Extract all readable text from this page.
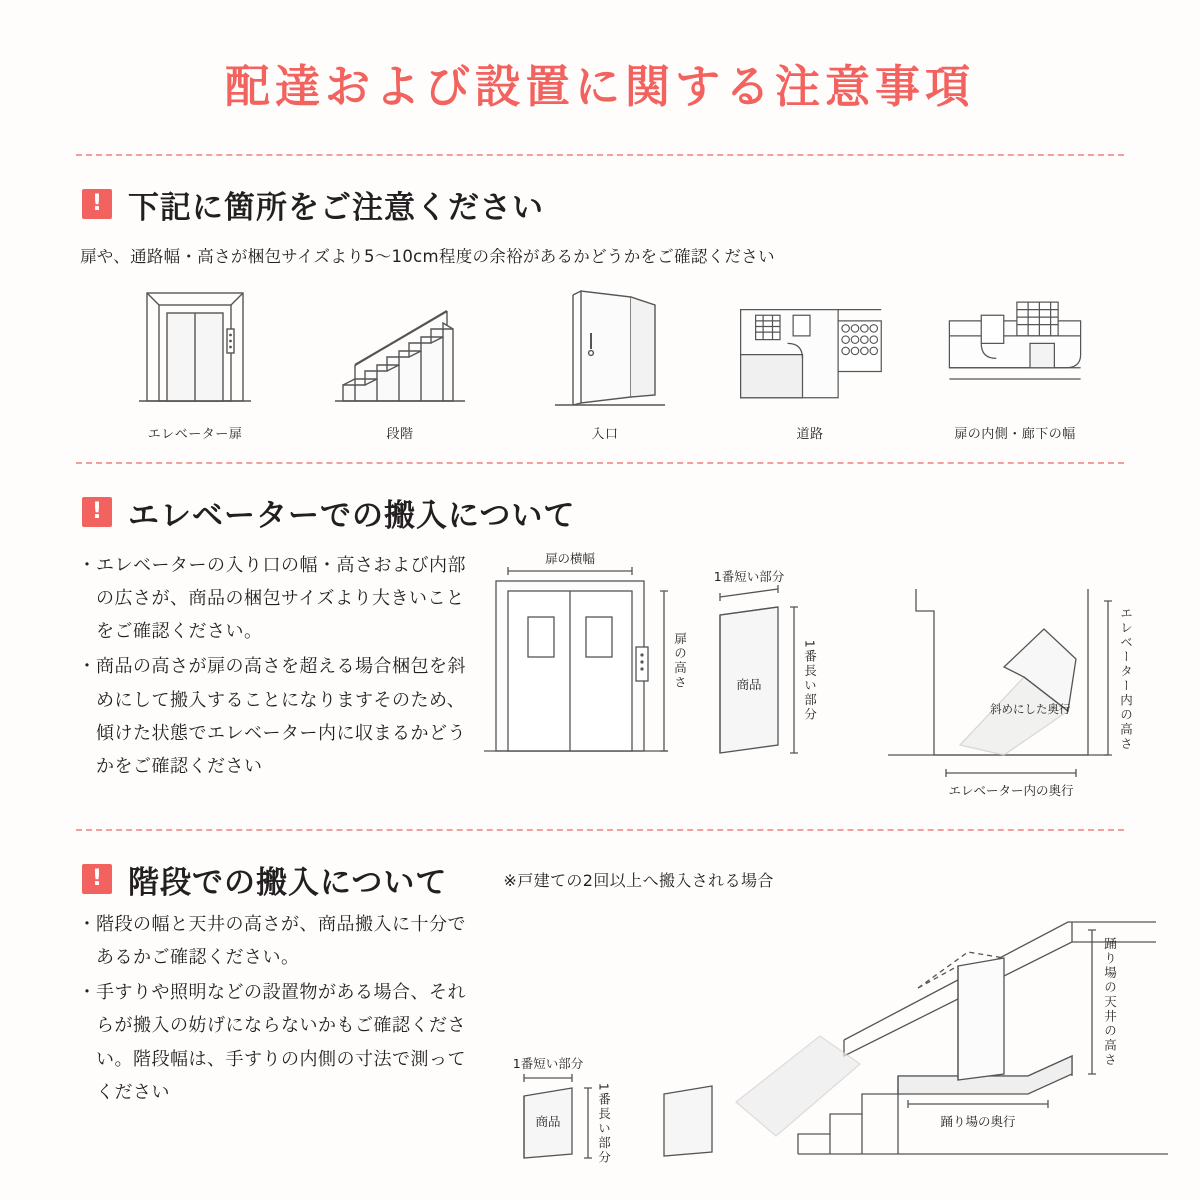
配達および設置に関する注意事項
! 下記に箇所をご注意ください
扉や、通路幅・高さが梱包サイズより5〜10cm程度の余裕があるかどうかをご確認ください
エレベーター扉	段階	入口	道路	扉の内側・廊下の幅
! エレベーターでの搬入について
・ エレベーターの入り口の幅・高さおよび内部の広さが、商品の梱包サイズより大きいことをご確認ください。
・ 商品の高さが扉の高さを超える場合梱包を斜めにして搬入することになりますそのため、傾けた状態でエレベーター内に収まるかどうかをご確認ください
扉の横幅
扉の高さ
1番短い部分
商品	1番長い部分	斜めにした奥行	エレベーター内の高さ
エレベーター内の奥行
! 階段での搬入について	※戸建ての2回以上へ搬入される場合
・ 階段の幅と天井の高さが、商品搬入に十分であるかご確認ください。
・ 手すりや照明などの設置物がある場合、それらが搬入の妨げにならないかもご確認ください。階段幅は、手すりの内側の寸法で測ってください
1番短い部分
商品	1番長い部分	踊り場の奥行
踊り場の天井の高さ
